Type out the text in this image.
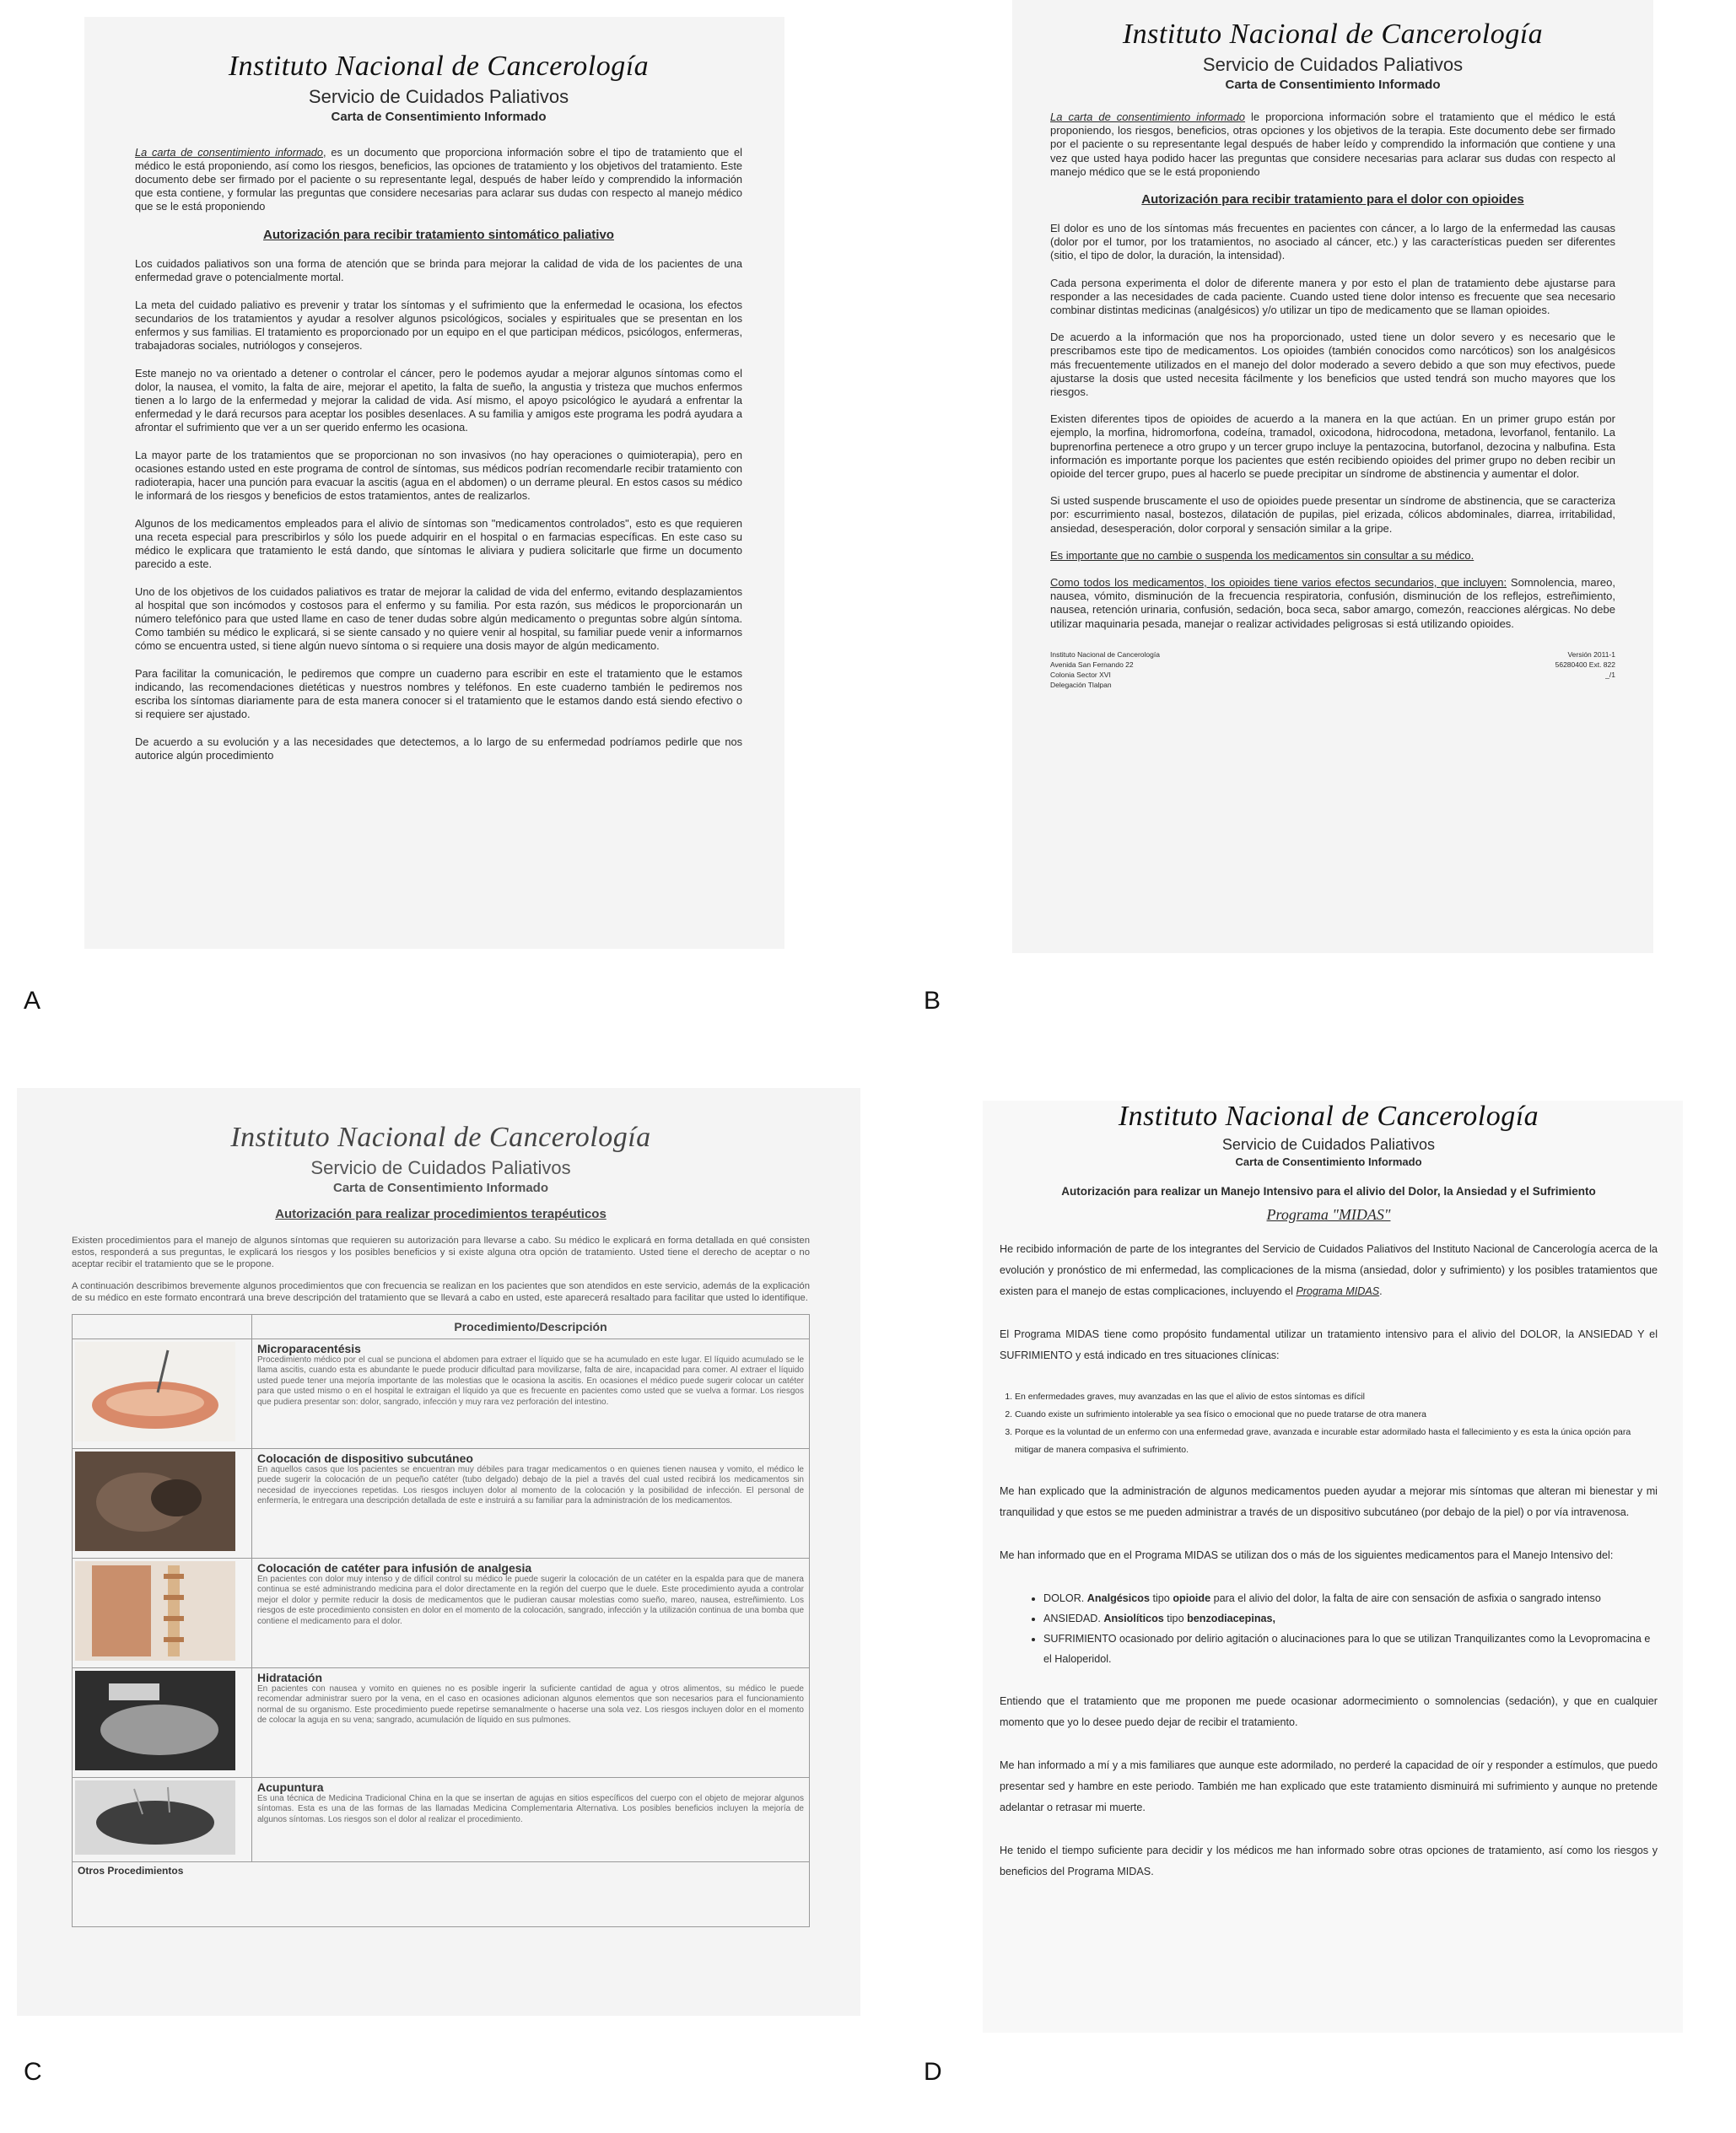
Instituto Nacional de Cancerología
Servicio de Cuidados Paliativos
Carta de Consentimiento Informado

La carta de consentimiento informado, es un documento que proporciona información sobre el tipo de tratamiento que el médico le está proponiendo, así como los riesgos, beneficios, las opciones de tratamiento y los objetivos del tratamiento. Este documento debe ser firmado por el paciente o su representante legal, después de haber leído y comprendido la información que esta contiene, y formular las preguntas que considere necesarias para aclarar sus dudas con respecto al manejo médico que se le está proponiendo

Autorización para recibir tratamiento sintomático paliativo

Los cuidados paliativos son una forma de atención que se brinda para mejorar la calidad de vida de los pacientes de una enfermedad grave o potencialmente mortal.

La meta del cuidado paliativo es prevenir y tratar los síntomas y el sufrimiento que la enfermedad le ocasiona, los efectos secundarios de los tratamientos y ayudar a resolver algunos psicológicos, sociales y espirituales que se presentan en los enfermos y sus familias. El tratamiento es proporcionado por un equipo en el que participan médicos, psicólogos, enfermeras, trabajadoras sociales, nutriólogos y consejeros.

Este manejo no va orientado a detener o controlar el cáncer, pero le podemos ayudar a mejorar algunos síntomas como el dolor, la nausea, el vomito, la falta de aire, mejorar el apetito, la falta de sueño, la angustia y tristeza que muchos enfermos tienen a lo largo de la enfermedad y mejorar la calidad de vida. Así mismo, el apoyo psicológico le ayudará a enfrentar la enfermedad y le dará recursos para aceptar los posibles desenlaces. A su familia y amigos este programa les podrá ayudara a afrontar el sufrimiento que ver a un ser querido enfermo les ocasiona.

La mayor parte de los tratamientos que se proporcionan no son invasivos (no hay operaciones o quimioterapia), pero en ocasiones estando usted en este programa de control de síntomas, sus médicos podrían recomendarle recibir tratamiento con radioterapia, hacer una punción para evacuar la ascitis (agua en el abdomen) o un derrame pleural. En estos casos su médico le informará de los riesgos y beneficios de estos tratamientos, antes de realizarlos.

Algunos de los medicamentos empleados para el alivio de síntomas son "medicamentos controlados", esto es que requieren una receta especial para prescribirlos y sólo los puede adquirir en el hospital o en farmacias específicas. En este caso su médico le explicara que tratamiento le está dando, que síntomas le aliviara y pudiera solicitarle que firme un documento parecido a este.

Uno de los objetivos de los cuidados paliativos es tratar de mejorar la calidad de vida del enfermo, evitando desplazamientos al hospital que son incómodos y costosos para el enfermo y su familia. Por esta razón, sus médicos le proporcionarán un número telefónico para que usted llame en caso de tener dudas sobre algún medicamento o preguntas sobre algún síntoma. Como también su médico le explicará, si se siente cansado y no quiere venir al hospital, su familiar puede venir a informarnos cómo se encuentra usted, si tiene algún nuevo síntoma o si requiere una dosis mayor de algún medicamento.

Para facilitar la comunicación, le pediremos que compre un cuaderno para escribir en este el tratamiento que le estamos indicando, las recomendaciones dietéticas y nuestros nombres y teléfonos. En este cuaderno también le pediremos nos escriba los síntomas diariamente para de esta manera conocer si el tratamiento que le estamos dando está siendo efectivo o si requiere ser ajustado.

De acuerdo a su evolución y a las necesidades que detectemos, a lo largo de su enfermedad podríamos pedirle que nos autorice algún procedimiento

A
Instituto Nacional de Cancerología
Servicio de Cuidados Paliativos
Carta de Consentimiento Informado

La carta de consentimiento informado le proporciona información sobre el tratamiento que el médico le está proponiendo, los riesgos, beneficios, otras opciones y los objetivos de la terapia. Este documento debe ser firmado por el paciente o su representante legal después de haber leído y comprendido la información que contiene y una vez que usted haya podido hacer las preguntas que considere necesarias para aclarar sus dudas con respecto al manejo médico que se le está proponiendo

Autorización para recibir tratamiento para el dolor con opioides

El dolor es uno de los síntomas más frecuentes en pacientes con cáncer, a lo largo de la enfermedad las causas (dolor por el tumor, por los tratamientos, no asociado al cáncer, etc.) y las características pueden ser diferentes (sitio, el tipo de dolor, la duración, la intensidad).

Cada persona experimenta el dolor de diferente manera y por esto el plan de tratamiento debe ajustarse para responder a las necesidades de cada paciente. Cuando usted tiene dolor intenso es frecuente que sea necesario combinar distintas medicinas (analgésicos) y/o utilizar un tipo de medicamento que se llaman opioides.

De acuerdo a la información que nos ha proporcionado, usted tiene un dolor severo y es necesario que le prescribamos este tipo de medicamentos. Los opioides (también conocidos como narcóticos) son los analgésicos más frecuentemente utilizados en el manejo del dolor moderado a severo debido a que son muy efectivos, puede ajustarse la dosis que usted necesita fácilmente y los beneficios que usted tendrá son mucho mayores que los riesgos.

Existen diferentes tipos de opioides de acuerdo a la manera en la que actúan. En un primer grupo están por ejemplo, la morfina, hidromorfona, codeína, tramadol, oxicodona, hidrocodona, metadona, levorfanol, fentanilo. La buprenorfina pertenece a otro grupo y un tercer grupo incluye la pentazocina, butorfanol, dezocina y nalbufina. Esta información es importante porque los pacientes que estén recibiendo opioides del primer grupo no deben recibir un opioide del tercer grupo, pues al hacerlo se puede precipitar un síndrome de abstinencia y aumentar el dolor.

Si usted suspende bruscamente el uso de opioides puede presentar un síndrome de abstinencia, que se caracteriza por: escurrimiento nasal, bostezos, dilatación de pupilas, piel erizada, cólicos abdominales, diarrea, irritabilidad, ansiedad, desesperación, dolor corporal y sensación similar a la gripe.

Es importante que no cambie o suspenda los medicamentos sin consultar a su médico.

Como todos los medicamentos, los opioides tiene varios efectos secundarios, que incluyen: Somnolencia, mareo, nausea, vómito, disminución de la frecuencia respiratoria, confusión, disminución de los reflejos, estreñimiento, nausea, retención urinaria, confusión, sedación, boca seca, sabor amargo, comezón, reacciones alérgicas. No debe utilizar maquinaria pesada, manejar o realizar actividades peligrosas si está utilizando opioides.

Instituto Nacional de Cancerología
Avenida San Fernando 22
Colonia Sector XVI
Delegación Tlalpan
Versión 2011-1
56280400 Ext. 822
_/1
B
Instituto Nacional de Cancerología
Servicio de Cuidados Paliativos
Carta de Consentimiento Informado
Autorización para realizar procedimientos terapéuticos

Existen procedimientos para el manejo de algunos síntomas que requieren su autorización para llevarse a cabo. Su médico le explicará en forma detallada en qué consisten estos, responderá a sus preguntas, le explicará los riesgos y los posibles beneficios y si existe alguna otra opción de tratamiento. Usted tiene el derecho de aceptar o no aceptar recibir el tratamiento que se le propone.

A continuación describimos brevemente algunos procedimientos que con frecuencia se realizan en los pacientes que son atendidos en este servicio, además de la explicación de su médico en este formato encontrará una breve descripción del tratamiento que se llevará a cabo en usted, este aparecerá resaltado para facilitar que usted lo identifique.

	Procedimiento/Descripción

Microparacentésis
Procedimiento médico por el cual se punciona el abdomen para extraer el líquido que se ha acumulado en este lugar. El líquido acumulado se le llama ascitis, cuando esta es abundante le puede producir dificultad para movilizarse, falta de aire, incapacidad para comer. Al extraer el líquido usted puede tener una mejoría importante de las molestias que le ocasiona la ascitis. En ocasiones el médico puede sugerir colocar un catéter para que usted mismo o en el hospital le extraigan el líquido ya que es frecuente en pacientes como usted que se vuelva a formar. Los riesgos que pudiera presentar son: dolor, sangrado, infección y muy rara vez perforación del intestino.

Colocación de dispositivo subcutáneo
En aquellos casos que los pacientes se encuentran muy débiles para tragar medicamentos o en quienes tienen nausea y vomito, el médico le puede sugerir la colocación de un pequeño catéter (tubo delgado) debajo de la piel a través del cual usted recibirá los medicamentos sin necesidad de inyecciones repetidas. Los riesgos incluyen dolor al momento de la colocación y la posibilidad de infección. El personal de enfermería, le entregara una descripción detallada de este e instruirá a su familiar para la administración de los medicamentos.

Colocación de catéter para infusión de analgesia
En pacientes con dolor muy intenso y de difícil control su médico le puede sugerir la colocación de un catéter en la espalda para que de manera continua se esté administrando medicina para el dolor directamente en la región del cuerpo que le duele. Este procedimiento ayuda a controlar mejor el dolor y permite reducir la dosis de medicamentos que le pudieran causar molestias como sueño, mareo, nausea, estreñimiento. Los riesgos de este procedimiento consisten en dolor en el momento de la colocación, sangrado, infección y la utilización continua de una bomba que contiene el medicamento para el dolor.

Hidratación
En pacientes con nausea y vomito en quienes no es posible ingerir la suficiente cantidad de agua y otros alimentos, su médico le puede recomendar administrar suero por la vena, en el caso en ocasiones adicionan algunos elementos que son necesarios para el funcionamiento normal de su organismo. Este procedimiento puede repetirse semanalmente o hacerse una sola vez. Los riesgos incluyen dolor en el momento de colocar la aguja en su vena; sangrado, acumulación de líquido en sus pulmones.

Acupuntura
Es una técnica de Medicina Tradicional China en la que se insertan de agujas en sitios específicos del cuerpo con el objeto de mejorar algunos síntomas. Esta es una de las formas de las llamadas Medicina Complementaria Alternativa. Los posibles beneficios incluyen la mejoría de algunos síntomas. Los riesgos son el dolor al realizar el procedimiento.

Otros Procedimientos	
C
Instituto Nacional de Cancerología
Servicio de Cuidados Paliativos
Carta de Consentimiento Informado
Autorización para realizar un Manejo Intensivo para el alivio del Dolor, la Ansiedad y el Sufrimiento
Programa "MIDAS"

He recibido información de parte de los integrantes del Servicio de Cuidados Paliativos del Instituto Nacional de Cancerología acerca de la evolución y pronóstico de mi enfermedad, las complicaciones de la misma (ansiedad, dolor y sufrimiento) y los posibles tratamientos que existen para el manejo de estas complicaciones, incluyendo el Programa MIDAS.

El Programa MIDAS tiene como propósito fundamental utilizar un tratamiento intensivo para el alivio del DOLOR, la ANSIEDAD Y el SUFRIMIENTO y está indicado en tres situaciones clínicas:

1. En enfermedades graves, muy avanzadas en las que el alivio de estos síntomas es difícil
2. Cuando existe un sufrimiento intolerable ya sea físico o emocional que no puede tratarse de otra manera
3. Porque es la voluntad de un enfermo con una enfermedad grave, avanzada e incurable estar adormilado hasta el fallecimiento y es esta la única opción para mitigar de manera compasiva el sufrimiento.

Me han explicado que la administración de algunos medicamentos pueden ayudar a mejorar mis síntomas que alteran mi bienestar y mi tranquilidad y que estos se me pueden administrar a través de un dispositivo subcutáneo (por debajo de la piel) o por vía intravenosa.

Me han informado que en el Programa MIDAS se utilizan dos o más de los siguientes medicamentos para el Manejo Intensivo del:

• DOLOR. Analgésicos tipo opioide para el alivio del dolor, la falta de aire con sensación de asfixia o sangrado intenso
• ANSIEDAD. Ansiolíticos tipo benzodiacepinas,
• SUFRIMIENTO ocasionado por delirio agitación o alucinaciones para lo que se utilizan Tranquilizantes como la Levopromacina e el Haloperidol.

Entiendo que el tratamiento que me proponen me puede ocasionar adormecimiento o somnolencias (sedación), y que en cualquier momento que yo lo desee puedo dejar de recibir el tratamiento.

Me han informado a mí y a mis familiares que aunque este adormilado, no perderé la capacidad de oír y responder a estímulos, que puedo presentar sed y hambre en este periodo. También me han explicado que este tratamiento disminuirá mi sufrimiento y aunque no pretende adelantar o retrasar mi muerte.

He tenido el tiempo suficiente para decidir y los médicos me han informado sobre otras opciones de tratamiento, así como los riesgos y beneficios del Programa MIDAS.

D
